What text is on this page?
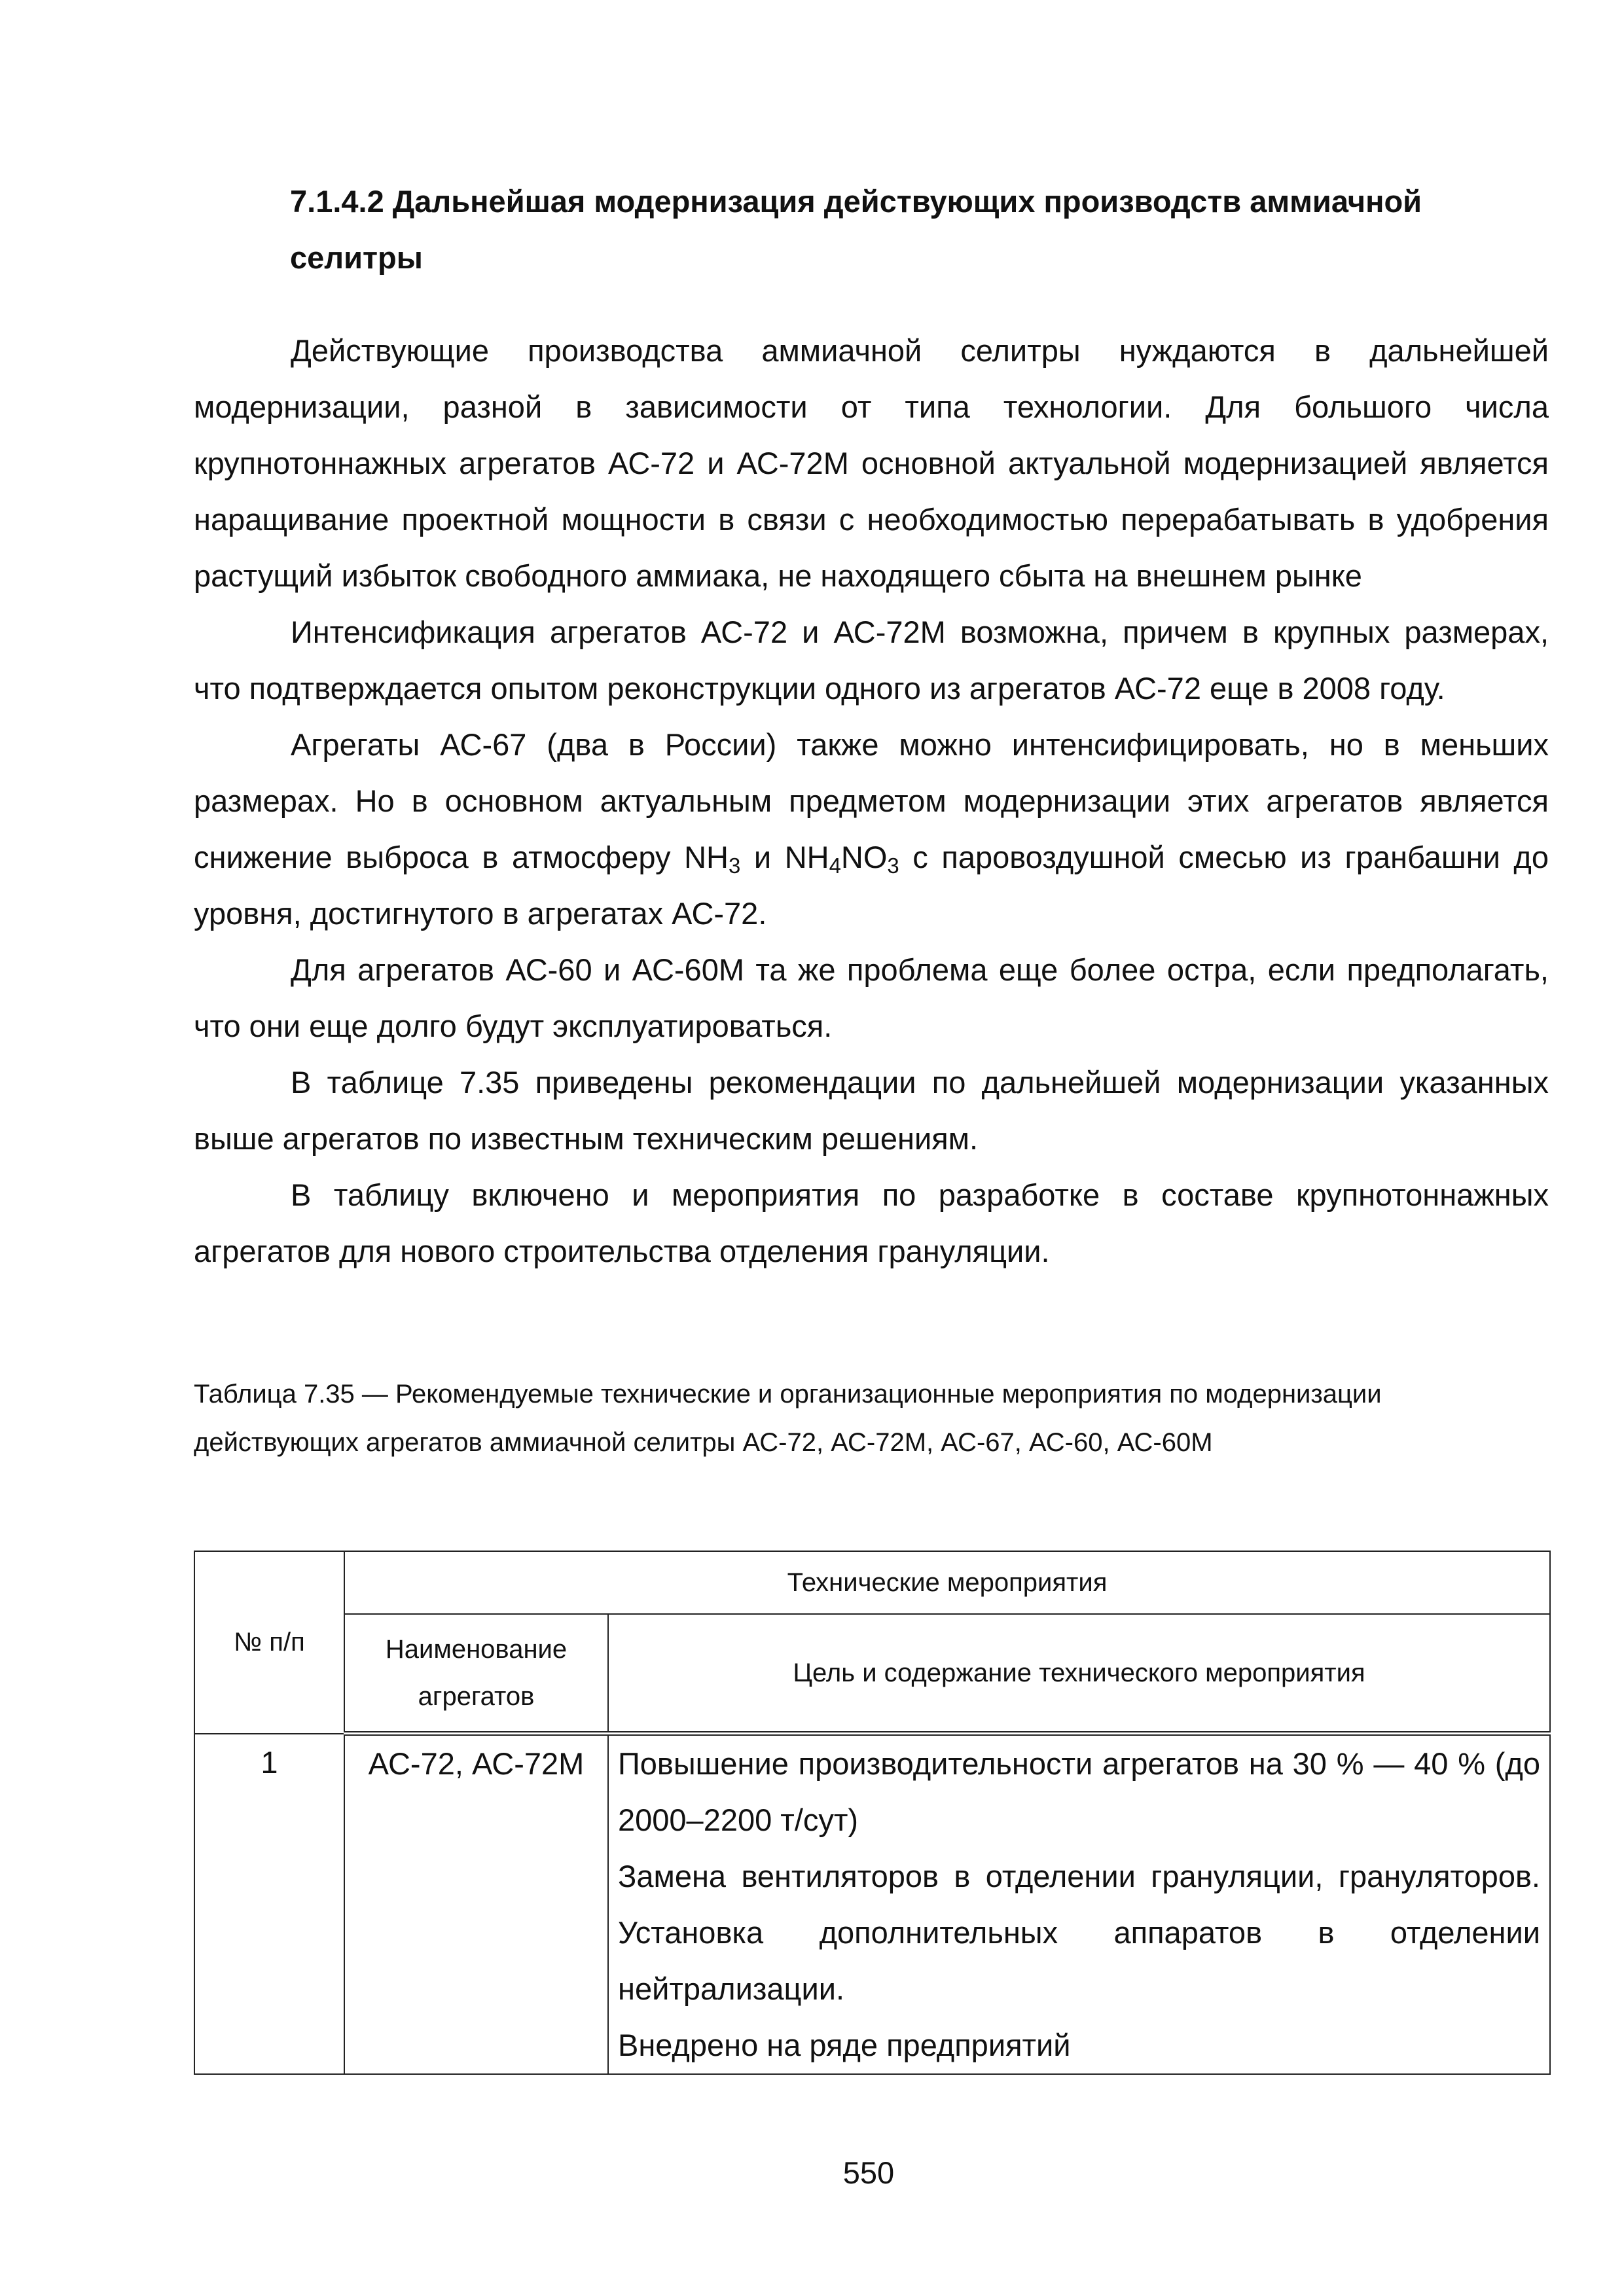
7.1.4.2 Дальнейшая модернизация действующих производств аммиачной селитры

Действующие производства аммиачной селитры нуждаются в дальнейшей модернизации, разной в зависимости от типа технологии. Для большого числа крупнотоннажных агрегатов АС-72 и АС-72М основной актуальной модернизацией является наращивание проектной мощности в связи с необходимостью перерабатывать в удобрения растущий избыток свободного аммиака, не находящего сбыта на внешнем рынке

Интенсификация агрегатов АС-72 и АС-72М возможна, причем в крупных размерах, что подтверждается опытом реконструкции одного из агрегатов АС-72 еще в 2008 году.

Агрегаты АС-67 (два в России) также можно интенсифицировать, но в меньших размерах. Но в основном актуальным предметом модернизации этих агрегатов является снижение выброса в атмосферу $NH_3$ и $NH_4NO_3$ с паровоздушной смесью из гранбашни до уровня, достигнутого в агрегатах АС-72.

Для агрегатов АС-60 и АС-60М та же проблема еще более остра, если предполагать, что они еще долго будут эксплуатироваться.

В таблице 7.35 приведены рекомендации по дальнейшей модернизации указанных выше агрегатов по известным техническим решениям.

В таблицу включено и мероприятия по разработке в составе крупнотоннажных агрегатов для нового строительства отделения грануляции.

Таблица 7.35 — Рекомендуемые технические и организационные мероприятия по модернизации действующих агрегатов аммиачной селитры АС-72, АС-72М, АС-67, АС-60, АС-60М

№ п/п	Технические мероприятия	
	Наименование агрегатов	Цель и содержание технического мероприятия
1	АС-72, АС-72М	Повышение производительности агрегатов на 30 % — 40 % (до 2000–2200 т/сут)
Замена вентиляторов в отделении грануляции, грануляторов. Установка дополнительных аппаратов в отделении нейтрализации.
Внедрено на ряде предприятий
550
